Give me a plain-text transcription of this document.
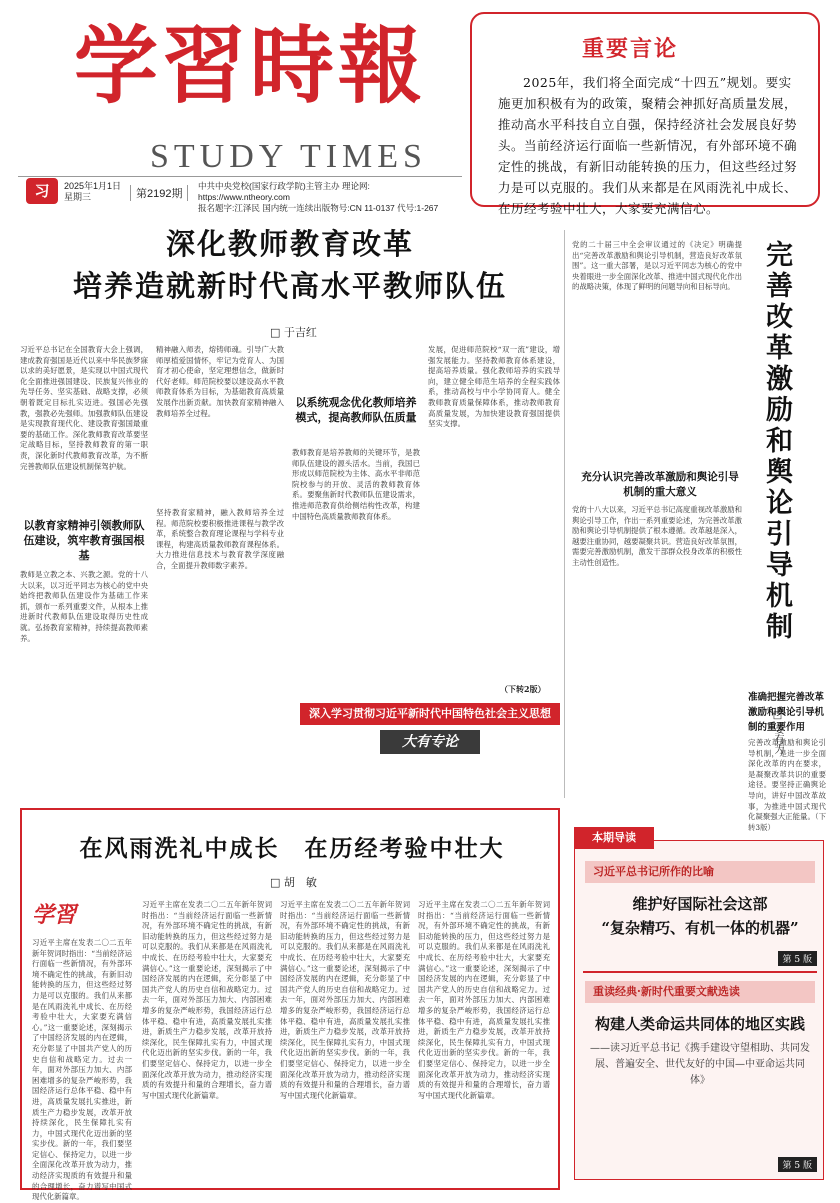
学習時報
STUDY TIMES
习	2025年1月1日
星期三	第2192期
中共中央党校(国家行政学院)主管主办 理论网: https://www.ntheory.com
报名题字:江泽民 国内统一连续出版物号:CN 11-0137 代号:1-267
重要言论
2025年，我们将全面完成“十四五”规划。要实施更加积极有为的政策，聚精会神抓好高质量发展，推动高水平科技自立自强，保持经济社会发展良好势头。当前经济运行面临一些新情况，有外部环境不确定性的挑战，有新旧动能转换的压力，但这些经过努力是可以克服的。我们从来都是在风雨洗礼中成长、在历经考验中壮大，大家要充满信心。
深化教师教育改革
培养造就新时代高水平教师队伍
□ 于吉红
习近平总书记在全国教育大会上强调，建成教育强国是近代以来中华民族梦寐以求的美好愿景，是实现以中国式现代化全面推进强国建设、民族复兴伟业的先导任务、坚实基础、战略支撑，必须朝着既定目标扎实迈进。强国必先强教，强教必先强师。加强教师队伍建设是实现教育现代化、建设教育强国最重要的基础工作。深化教师教育改革要坚定战略目标，坚持教师教育的第一职责，深化新时代教师教育改革，为不断完善教师队伍建设机制保驾护航。
以教育家精神引领教师队伍建设，筑牢教育强国根基
教师是立教之本、兴教之源。党的十八大以来，以习近平同志为核心的党中央始终把教师队伍建设作为基础工作来抓，颁布一系列重要文件，从根本上推进新时代教师队伍建设取得历史性成就。弘扬教育家精神，持续提高教师素养。
精神融入师表，熔铸师魂。引导广大教师厚植爱国情怀，牢记为党育人、为国育才初心使命，坚定理想信念，做新时代好老师。师范院校要以建设高水平教师教育体系为目标，为基础教育高质量发展作出新贡献。加快教育家精神融入教师培养全过程。
坚持教育家精神，融入教师培养全过程。师范院校要积极推进课程与教学改革，系统整合教育理论课程与学科专业课程，构建高质量教师教育课程体系。大力推进信息技术与教育教学深度融合，全面提升教师数字素养。
以系统观念优化教师培养模式，提高教师队伍质量
教师教育是培养教师的关键环节，是教师队伍建设的源头活水。当前，我国已形成以师范院校为主体、高水平非师范院校参与的开放、灵活的教师教育体系。要聚焦新时代教师队伍建设需求，推进师范教育供给侧结构性改革，构建中国特色高质量教师教育体系。
发展，促进师范院校“双一流”建设，增强发展能力。坚持教师教育体系建设，提高培养质量。强化教师培养的实践导向，建立健全师范生培养的全程实践体系，推动高校与中小学协同育人。健全教师教育质量保障体系，推动教师教育高质量发展，为加快建设教育强国提供坚实支撑。
（下转2版）
深入学习贯彻习近平新时代中国特色社会主义思想
大有专论
党的二十届三中全会审议通过的《决定》明确提出“完善改革激励和舆论引导机制，营造良好改革氛围”。这一重大部署，是以习近平同志为核心的党中央着眼进一步全面深化改革、推进中国式现代化作出的战略决策，体现了鲜明的问题导向和目标导向。
充分认识完善改革激励和舆论引导机制的重大意义
党的十八大以来，习近平总书记高度重视改革激励和舆论引导工作，作出一系列重要论述，为完善改革激励和舆论引导机制提供了根本遵循。改革越是深入，越要注重协同，越要凝聚共识。营造良好改革氛围，需要完善激励机制，激发干部群众投身改革的积极性主动性创造性。	完善改革激励和舆论引导机制
□ 姜有为
准确把握完善改革激励和舆论引导机制的重要作用
完善改革激励和舆论引导机制，是进一步全面深化改革的内在要求，是凝聚改革共识的重要途径。要坚持正确舆论导向，讲好中国改革故事，为推进中国式现代化凝聚强大正能量。（下转3版）
在风雨洗礼中成长　在历经考验中壮大
□ 胡　敏
学習
习近平主席在发表二〇二五年新年贺词时指出：“当前经济运行面临一些新情况，有外部环境不确定性的挑战，有新旧动能转换的压力，但这些经过努力是可以克服的。我们从来都是在风雨洗礼中成长、在历经考验中壮大，大家要充满信心。”这一重要论述，深刻揭示了中国经济发展的内在逻辑，充分彰显了中国共产党人的历史自信和战略定力。过去一年，面对外部压力加大、内部困难增多的复杂严峻形势，我国经济运行总体平稳、稳中有进，高质量发展扎实推进，新质生产力稳步发展，改革开放持续深化，民生保障扎实有力，中国式现代化迈出新的坚实步伐。新的一年，我们要坚定信心、保持定力，以进一步全面深化改革开放为动力，推动经济实现质的有效提升和量的合理增长，奋力谱写中国式现代化新篇章。
习近平主席在发表二〇二五年新年贺词时指出：“当前经济运行面临一些新情况，有外部环境不确定性的挑战，有新旧动能转换的压力，但这些经过努力是可以克服的。我们从来都是在风雨洗礼中成长、在历经考验中壮大，大家要充满信心。”这一重要论述，深刻揭示了中国经济发展的内在逻辑，充分彰显了中国共产党人的历史自信和战略定力。过去一年，面对外部压力加大、内部困难增多的复杂严峻形势，我国经济运行总体平稳、稳中有进，高质量发展扎实推进，新质生产力稳步发展，改革开放持续深化，民生保障扎实有力，中国式现代化迈出新的坚实步伐。新的一年，我们要坚定信心、保持定力，以进一步全面深化改革开放为动力，推动经济实现质的有效提升和量的合理增长，奋力谱写中国式现代化新篇章。
习近平主席在发表二〇二五年新年贺词时指出：“当前经济运行面临一些新情况，有外部环境不确定性的挑战，有新旧动能转换的压力，但这些经过努力是可以克服的。我们从来都是在风雨洗礼中成长、在历经考验中壮大，大家要充满信心。”这一重要论述，深刻揭示了中国经济发展的内在逻辑，充分彰显了中国共产党人的历史自信和战略定力。过去一年，面对外部压力加大、内部困难增多的复杂严峻形势，我国经济运行总体平稳、稳中有进，高质量发展扎实推进，新质生产力稳步发展，改革开放持续深化，民生保障扎实有力，中国式现代化迈出新的坚实步伐。新的一年，我们要坚定信心、保持定力，以进一步全面深化改革开放为动力，推动经济实现质的有效提升和量的合理增长，奋力谱写中国式现代化新篇章。
习近平主席在发表二〇二五年新年贺词时指出：“当前经济运行面临一些新情况，有外部环境不确定性的挑战，有新旧动能转换的压力，但这些经过努力是可以克服的。我们从来都是在风雨洗礼中成长、在历经考验中壮大，大家要充满信心。”这一重要论述，深刻揭示了中国经济发展的内在逻辑，充分彰显了中国共产党人的历史自信和战略定力。过去一年，面对外部压力加大、内部困难增多的复杂严峻形势，我国经济运行总体平稳、稳中有进，高质量发展扎实推进，新质生产力稳步发展，改革开放持续深化，民生保障扎实有力，中国式现代化迈出新的坚实步伐。新的一年，我们要坚定信心、保持定力，以进一步全面深化改革开放为动力，推动经济实现质的有效提升和量的合理增长，奋力谱写中国式现代化新篇章。
本期导读
习近平总书记所作的比喻
维护好国际社会这部
“复杂精巧、有机一体的机器”
第 5 版
重读经典·新时代重要文献选读
构建人类命运共同体的地区实践
——读习近平总书记《携手建设守望相助、共同发展、普遍安全、世代友好的中国—中亚命运共同体》
第 5 版
